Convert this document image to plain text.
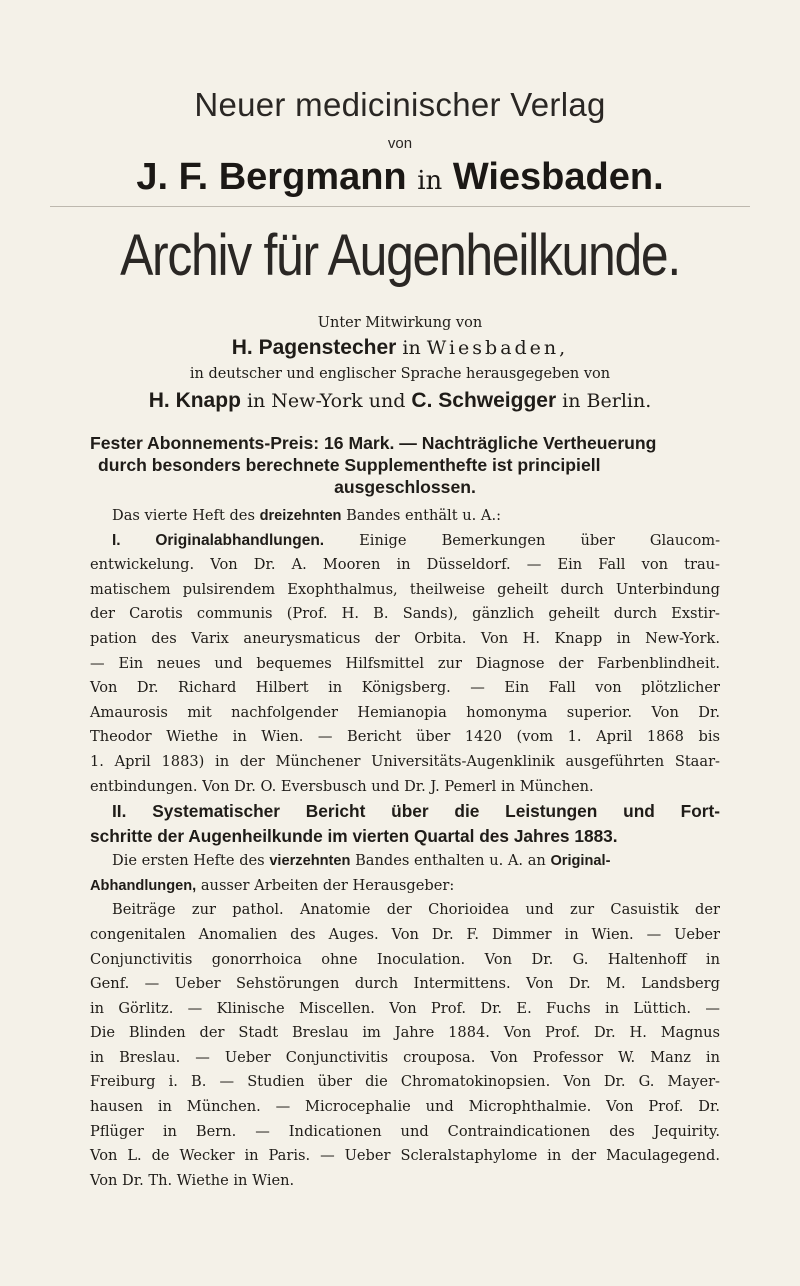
Neuer medicinischer Verlag
von
J. F. Bergmann in Wiesbaden.
Archiv für Augenheilkunde.
Unter Mitwirkung von
H. Pagenstecher in Wiesbaden,
in deutscher und englischer Sprache herausgegeben von
H. Knapp in New-York und C. Schweigger in Berlin.
Fester Abonnements-Preis: 16 Mark. — Nachträgliche Vertheuerung
durch besonders berechnete Supplementhefte ist principiell
ausgeschlossen.

Das vierte Heft des dreizehnten Bandes enthält u. A.:

I. Originalabhandlungen. Einige Bemerkungen über Glaucom-
entwickelung. Von Dr. A. Mooren in Düsseldorf. — Ein Fall von trau-
matischem pulsirendem Exophthalmus, theilweise geheilt durch Unterbindung
der Carotis communis (Prof. H. B. Sands), gänzlich geheilt durch Exstir-
pation des Varix aneurysmaticus der Orbita. Von H. Knapp in New-York.
— Ein neues und bequemes Hilfsmittel zur Diagnose der Farbenblindheit.
Von Dr. Richard Hilbert in Königsberg. — Ein Fall von plötzlicher
Amaurosis mit nachfolgender Hemianopia homonyma superior. Von Dr.
Theodor Wiethe in Wien. — Bericht über 1420 (vom 1. April 1868 bis
1. April 1883) in der Münchener Universitäts-Augenklinik ausgeführten Staar-
entbindungen. Von Dr. O. Eversbusch und Dr. J. Pemerl in München.
II. Systematischer Bericht über die Leistungen und Fort-
schritte der Augenheilkunde im vierten Quartal des Jahres 1883.
Die ersten Hefte des vierzehnten Bandes enthalten u. A. an Original-
Abhandlungen, ausser Arbeiten der Herausgeber:
Beiträge zur pathol. Anatomie der Chorioidea und zur Casuistik der
congenitalen Anomalien des Auges. Von Dr. F. Dimmer in Wien. — Ueber
Conjunctivitis gonorrhoica ohne Inoculation. Von Dr. G. Haltenhoff in
Genf. — Ueber Sehstörungen durch Intermittens. Von Dr. M. Landsberg
in Görlitz. — Klinische Miscellen. Von Prof. Dr. E. Fuchs in Lüttich. —
Die Blinden der Stadt Breslau im Jahre 1884. Von Prof. Dr. H. Magnus
in Breslau. — Ueber Conjunctivitis crouposa. Von Professor W. Manz in
Freiburg i. B. — Studien über die Chromatokinopsien. Von Dr. G. Mayer-
hausen in München. — Microcephalie und Microphthalmie. Von Prof. Dr.
Pflüger in Bern. — Indicationen und Contraindicationen des Jequirity.
Von L. de Wecker in Paris. — Ueber Scleralstaphylome in der Maculagegend.
Von Dr. Th. Wiethe in Wien.
